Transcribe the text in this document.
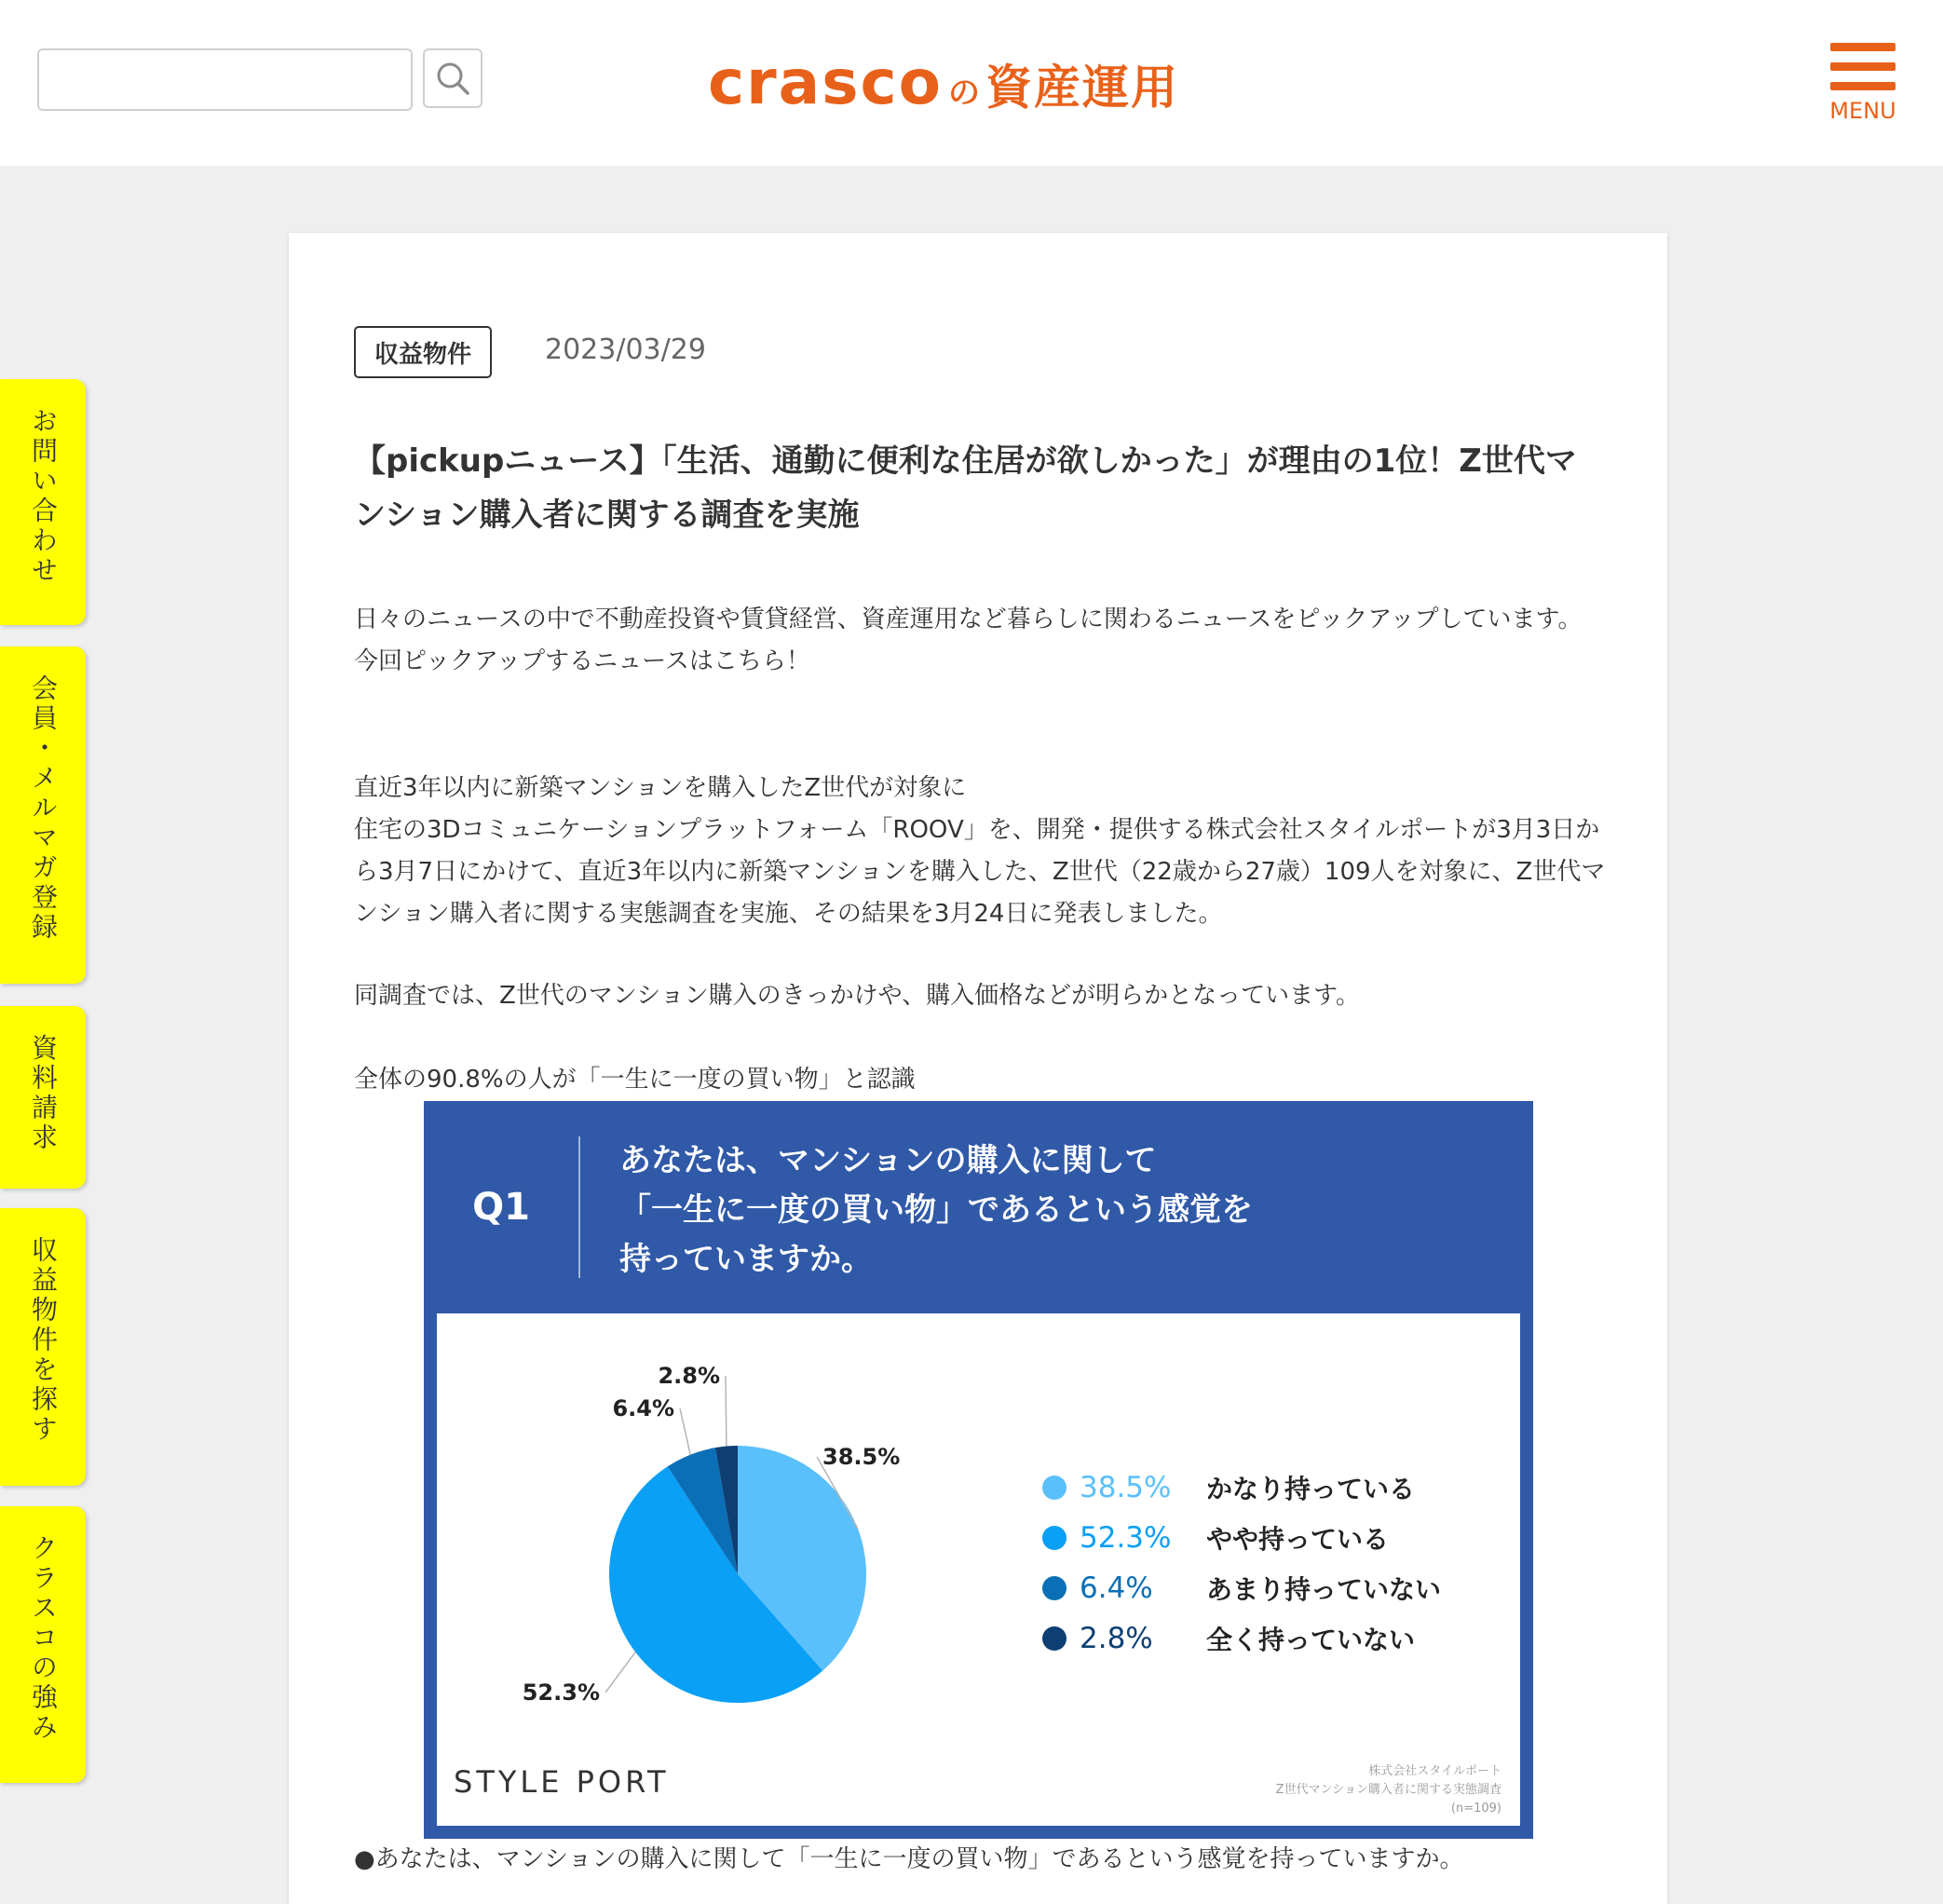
crasco の 資産運用	MENU
お問い合わせ
会員・メルマガ登録
資料請求
収益物件を探す
クラスコの強み
収益物件	2023/03/29
【pickupニュース】「生活、通勤に便利な住居が欲しかった」が理由の1位！Z世代マンション購入者に関する調査を実施
日々のニュースの中で不動産投資や賃貸経営、資産運用など暮らしに関わるニュースをピックアップしています。
今回ピックアップするニュースはこちら！
直近3年以内に新築マンションを購入したZ世代が対象に
住宅の3Dコミュニケーションプラットフォーム「ROOV」を、開発・提供する株式会社スタイルポートが3月3日から3月7日にかけて、直近3年以内に新築マンションを購入した、Z世代（22歳から27歳）109人を対象に、Z世代マンション購入者に関する実態調査を実施、その結果を3月24日に発表しました。
同調査では、Z世代のマンション購入のきっかけや、購入価格などが明らかとなっています。
全体の90.8%の人が「一生に一度の買い物」と認識
Q1
あなたは、マンションの購入に関して
「一生に一度の買い物」であるという感覚を
持っていますか。
38.5%
52.3%
6.4%
2.8%
38.5%	かなり持っている
52.3%	やや持っている
6.4%	あまり持っていない
2.8%	全く持っていない
STYLE PORT	株式会社スタイルポート
Z世代マンション購入者に関する実態調査
(n=109)
●あなたは、マンションの購入に関して「一生に一度の買い物」であるという感覚を持っていますか。
